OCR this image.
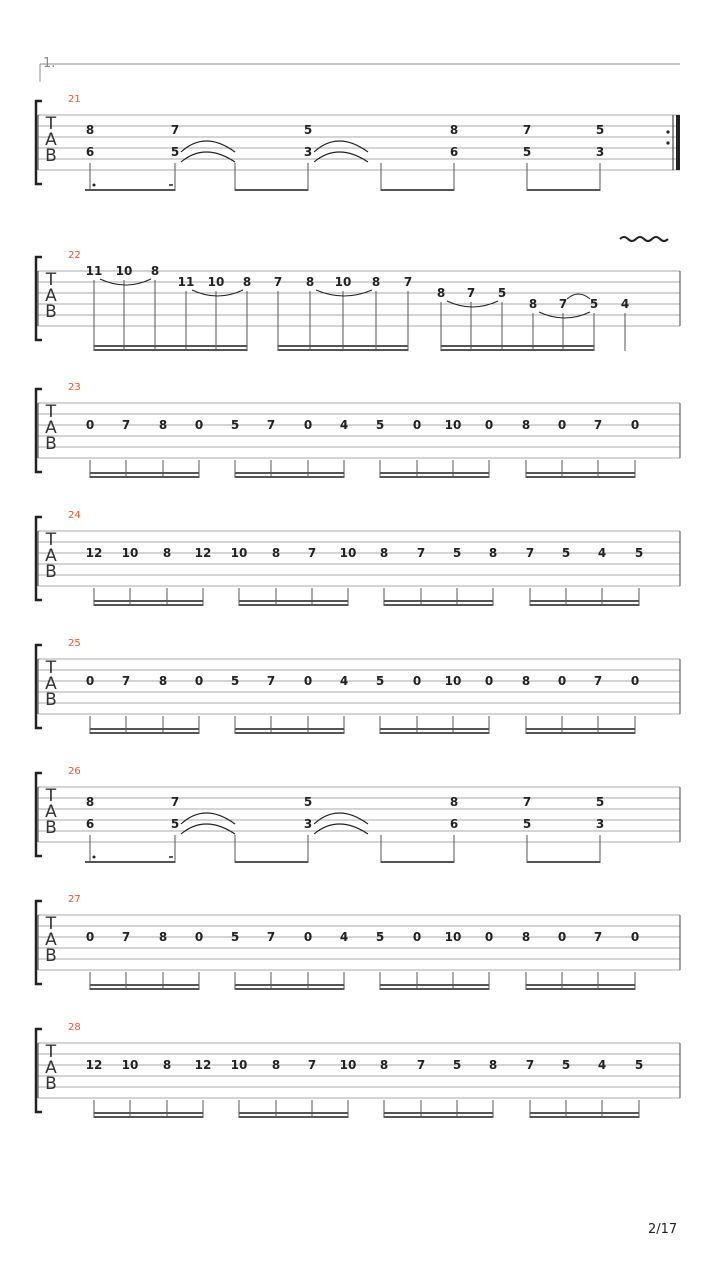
1.
T
A
B
21
8
6
7
5
5
3
8
6
7
5
5
3
T
A
B
22
11 10 8
11 10 8 7 8 10 8 7
8 7 5
8 7 5 4
T
A
B
23
0 7 8 0 5 7 0 4 5 0 10 0 8 0 7 0
T
A
B
24
12 10 8 12 10 8 7 10 8 7 5 8 7 5 4 5
T
A
B
25
0 7 8 0 5 7 0 4 5 0 10 0 8 0 7 0
T
A
B
26
8
6
7
5
5
3
8
6
7
5
5
3
T
A
B
27
0 7 8 0 5 7 0 4 5 0 10 0 8 0 7 0
T
A
B
28
12 10 8 12 10 8 7 10 8 7 5 8 7 5 4 5
2/17
